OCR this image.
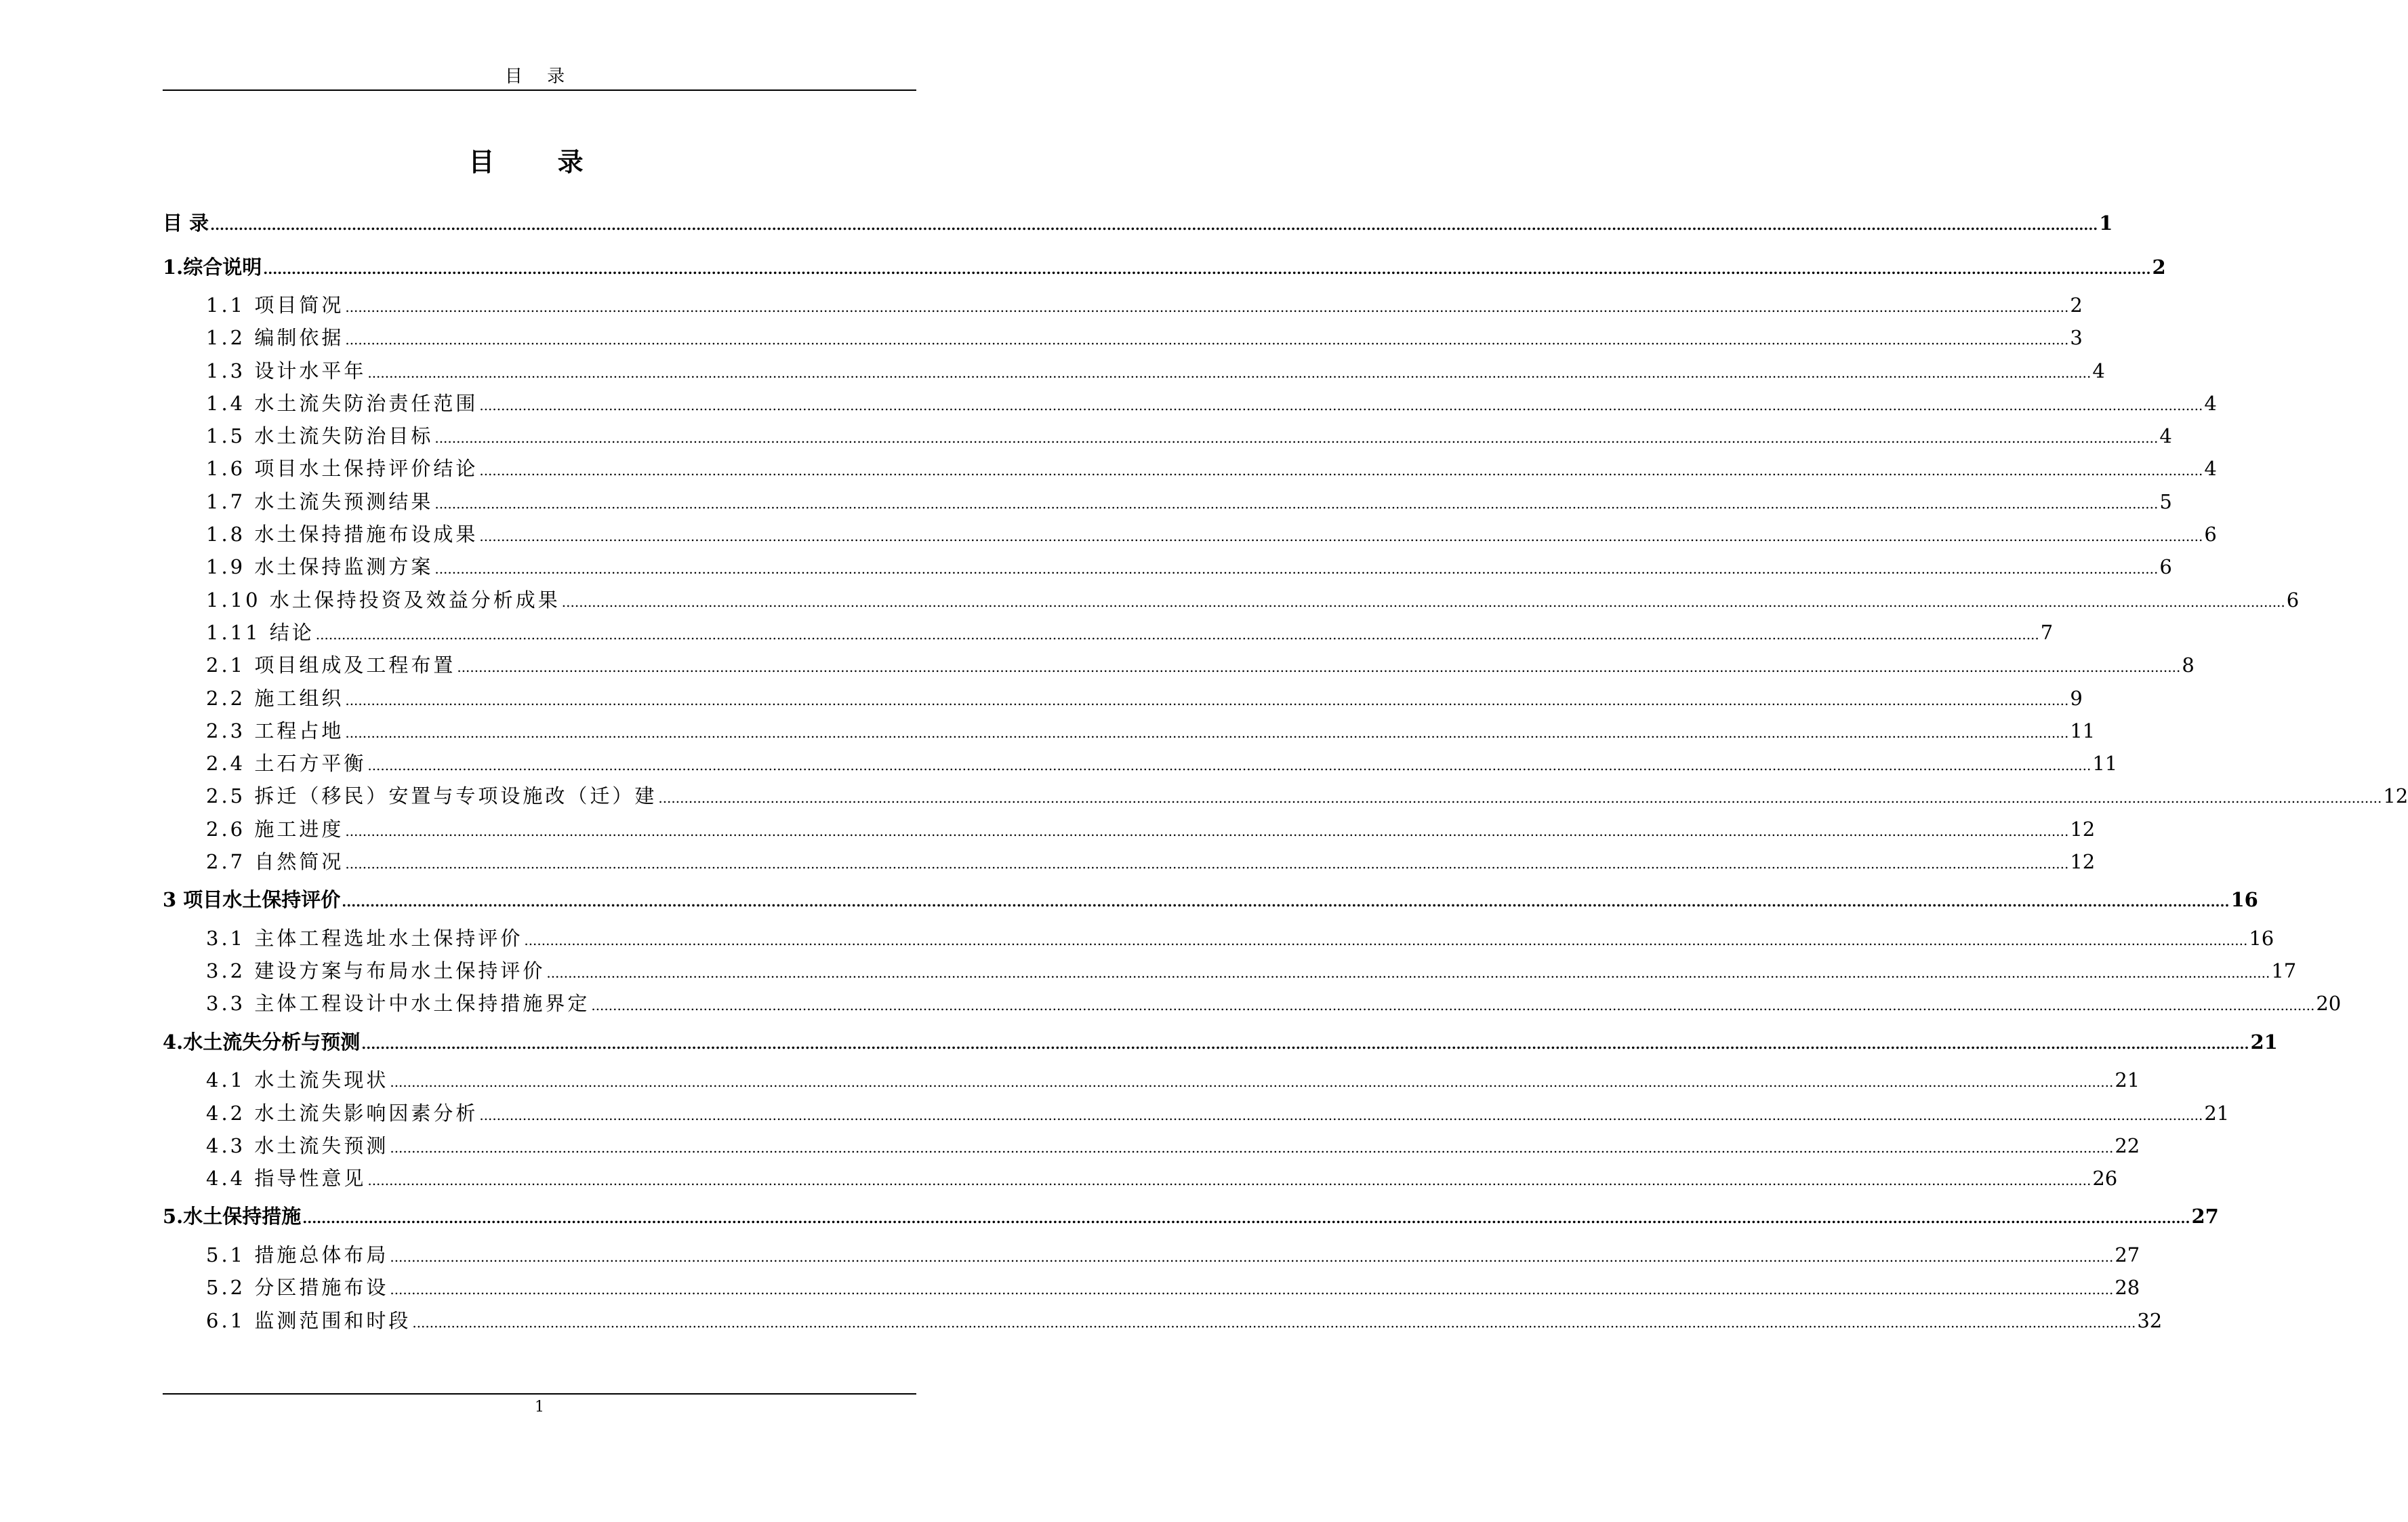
目 录
目 录
目 录 ................................................................................................................................................................................................................................................................................................................................................................................................................ 1
1.综合说明 ................................................................................................................................................................................................................................................................................................................................................................................................................ 2
1.1 项目简况 ................................................................................................................................................................................................................................................................................................................................................................................................................ 2
1.2 编制依据 ................................................................................................................................................................................................................................................................................................................................................................................................................ 3
1.3 设计水平年 ................................................................................................................................................................................................................................................................................................................................................................................................................ 4
1.4 水土流失防治责任范围 ................................................................................................................................................................................................................................................................................................................................................................................................................ 4
1.5 水土流失防治目标 ................................................................................................................................................................................................................................................................................................................................................................................................................ 4
1.6 项目水土保持评价结论 ................................................................................................................................................................................................................................................................................................................................................................................................................ 4
1.7 水土流失预测结果 ................................................................................................................................................................................................................................................................................................................................................................................................................ 5
1.8 水土保持措施布设成果 ................................................................................................................................................................................................................................................................................................................................................................................................................ 6
1.9 水土保持监测方案 ................................................................................................................................................................................................................................................................................................................................................................................................................ 6
1.10 水土保持投资及效益分析成果 ................................................................................................................................................................................................................................................................................................................................................................................................................ 6
1.11 结论 ................................................................................................................................................................................................................................................................................................................................................................................................................ 7
2.1 项目组成及工程布置 ................................................................................................................................................................................................................................................................................................................................................................................................................ 8
2.2 施工组织 ................................................................................................................................................................................................................................................................................................................................................................................................................ 9
2.3 工程占地 ................................................................................................................................................................................................................................................................................................................................................................................................................ 11
2.4 土石方平衡 ................................................................................................................................................................................................................................................................................................................................................................................................................ 11
2.5 拆迁（移民）安置与专项设施改（迁）建 ................................................................................................................................................................................................................................................................................................................................................................................................................ 12
2.6 施工进度 ................................................................................................................................................................................................................................................................................................................................................................................................................ 12
2.7 自然简况 ................................................................................................................................................................................................................................................................................................................................................................................................................ 12
3 项目水土保持评价 ................................................................................................................................................................................................................................................................................................................................................................................................................ 16
3.1 主体工程选址水土保持评价 ................................................................................................................................................................................................................................................................................................................................................................................................................ 16
3.2 建设方案与布局水土保持评价 ................................................................................................................................................................................................................................................................................................................................................................................................................ 17
3.3 主体工程设计中水土保持措施界定 ................................................................................................................................................................................................................................................................................................................................................................................................................ 20
4.水土流失分析与预测 ................................................................................................................................................................................................................................................................................................................................................................................................................ 21
4.1 水土流失现状 ................................................................................................................................................................................................................................................................................................................................................................................................................ 21
4.2 水土流失影响因素分析 ................................................................................................................................................................................................................................................................................................................................................................................................................ 21
4.3 水土流失预测 ................................................................................................................................................................................................................................................................................................................................................................................................................ 22
4.4 指导性意见 ................................................................................................................................................................................................................................................................................................................................................................................................................ 26
5.水土保持措施 ................................................................................................................................................................................................................................................................................................................................................................................................................ 27
5.1 措施总体布局 ................................................................................................................................................................................................................................................................................................................................................................................................................ 27
5.2 分区措施布设 ................................................................................................................................................................................................................................................................................................................................................................................................................ 28
6.1 监测范围和时段 ................................................................................................................................................................................................................................................................................................................................................................................................................ 32
1
